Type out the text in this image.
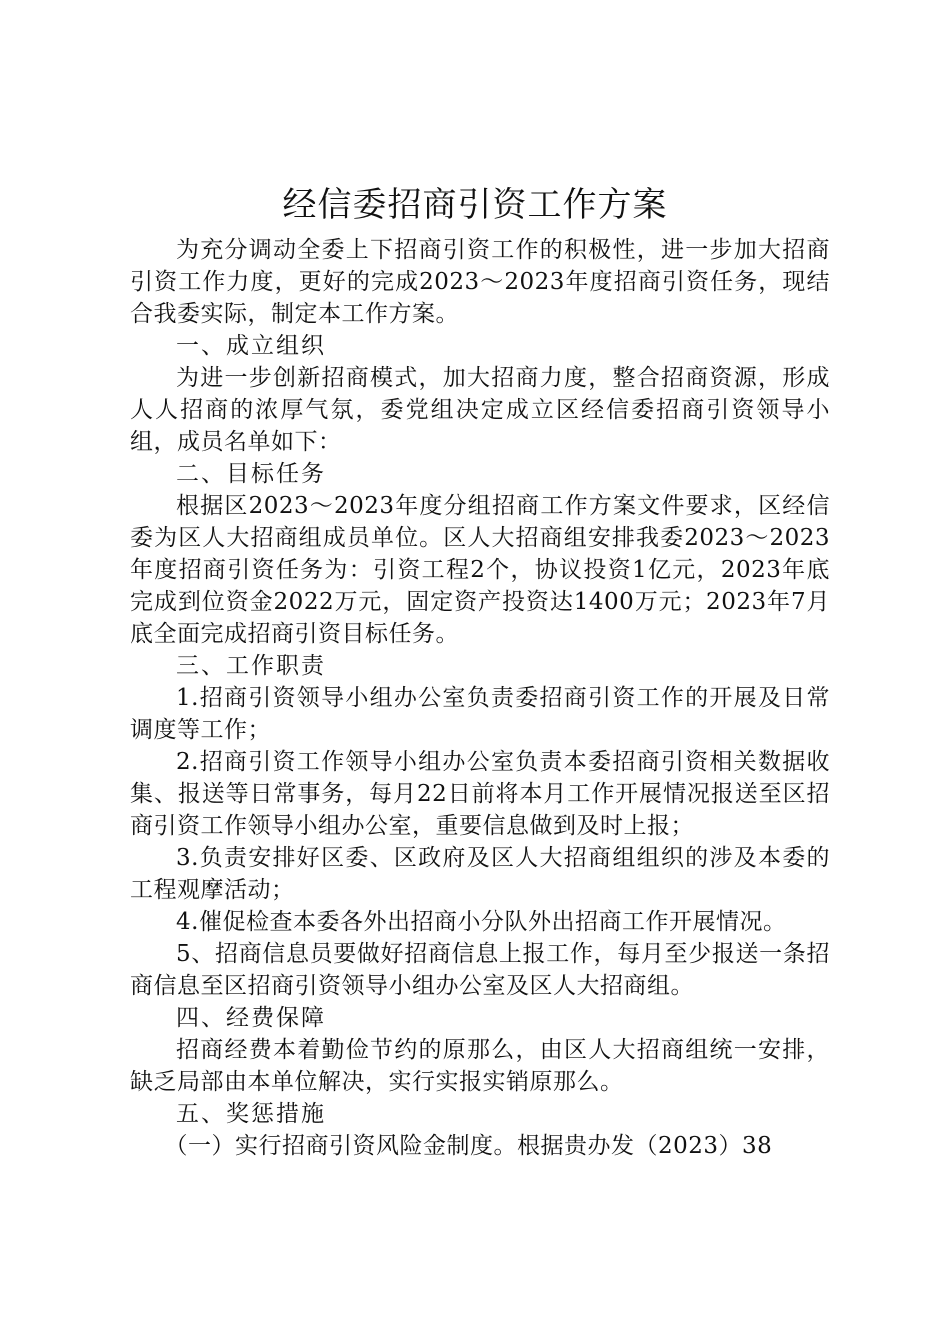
经信委招商引资工作方案

为充分调动全委上下招商引资工作的积极性，进一步加大招商引资工作力度，更好的完成2023～2023年度招商引资任务，现结合我委实际，制定本工作方案。

一、成立组织

为进一步创新招商模式，加大招商力度，整合招商资源，形成人人招商的浓厚气氛，委党组决定成立区经信委招商引资领导小组，成员名单如下：

二、目标任务

根据区2023～2023年度分组招商工作方案文件要求，区经信委为区人大招商组成员单位。区人大招商组安排我委2023～2023年度招商引资任务为：引资工程2个，协议投资1亿元，2023年底完成到位资金2022万元，固定资产投资达1400万元；2023年7月底全面完成招商引资目标任务。

三、工作职责

1.招商引资领导小组办公室负责委招商引资工作的开展及日常调度等工作；

2.招商引资工作领导小组办公室负责本委招商引资相关数据收集、报送等日常事务，每月22日前将本月工作开展情况报送至区招商引资工作领导小组办公室，重要信息做到及时上报；

3.负责安排好区委、区政府及区人大招商组组织的涉及本委的工程观摩活动；

4.催促检查本委各外出招商小分队外出招商工作开展情况。

5、招商信息员要做好招商信息上报工作，每月至少报送一条招商信息至区招商引资领导小组办公室及区人大招商组。

四、经费保障

招商经费本着勤俭节约的原那么，由区人大招商组统一安排，缺乏局部由本单位解决，实行实报实销原那么。

五、奖惩措施

（一）实行招商引资风险金制度。根据贵办发（2023）38
